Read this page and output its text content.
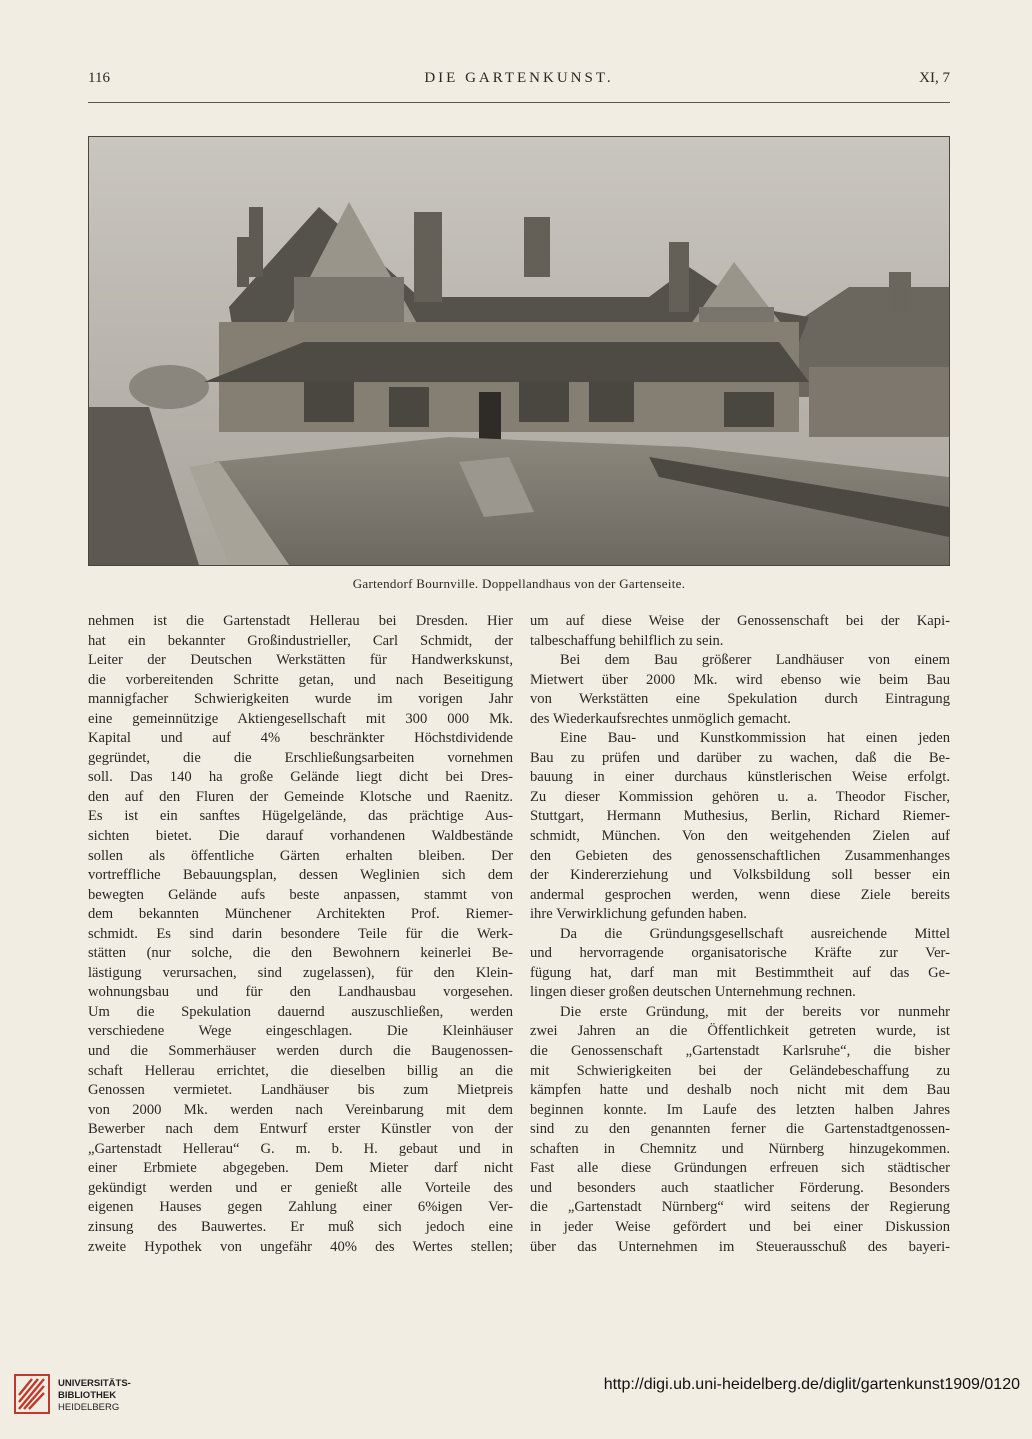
116	DIE GARTENKUNST.	XI, 7
Gartendorf Bournville. Doppellandhaus von der Gartenseite.

nehmen ist die Gartenstadt Hellerau bei Dresden. Hier

hat ein bekannter Großindustrieller, Carl Schmidt, der

Leiter der Deutschen Werkstätten für Handwerkskunst,

die vorbereitenden Schritte getan, und nach Beseitigung

mannigfacher Schwierigkeiten wurde im vorigen Jahr

eine gemeinnützige Aktiengesellschaft mit 300 000 Mk.

Kapital und auf 4% beschränkter Höchstdividende

gegründet, die die Erschließungsarbeiten vornehmen

soll. Das 140 ha große Gelände liegt dicht bei Dres-

den auf den Fluren der Gemeinde Klotsche und Raenitz.

Es ist ein sanftes Hügelgelände, das prächtige Aus-

sichten bietet. Die darauf vorhandenen Waldbestände

sollen als öffentliche Gärten erhalten bleiben. Der

vortreffliche Bebauungsplan, dessen Weglinien sich dem

bewegten Gelände aufs beste anpassen, stammt von

dem bekannten Münchener Architekten Prof. Riemer-

schmidt. Es sind darin besondere Teile für die Werk-

stätten (nur solche, die den Bewohnern keinerlei Be-

lästigung verursachen, sind zugelassen), für den Klein-

wohnungsbau und für den Landhausbau vorgesehen.

Um die Spekulation dauernd auszuschließen, werden

verschiedene Wege eingeschlagen. Die Kleinhäuser

und die Sommerhäuser werden durch die Baugenossen-

schaft Hellerau errichtet, die dieselben billig an die

Genossen vermietet. Landhäuser bis zum Mietpreis

von 2000 Mk. werden nach Vereinbarung mit dem

Bewerber nach dem Entwurf erster Künstler von der

„Gartenstadt Hellerau“ G. m. b. H. gebaut und in

einer Erbmiete abgegeben. Dem Mieter darf nicht

gekündigt werden und er genießt alle Vorteile des

eigenen Hauses gegen Zahlung einer 6%igen Ver-

zinsung des Bauwertes. Er muß sich jedoch eine

zweite Hypothek von ungefähr 40% des Wertes stellen;

um auf diese Weise der Genossenschaft bei der Kapi-

talbeschaffung behilflich zu sein.

Bei dem Bau größerer Landhäuser von einem

Mietwert über 2000 Mk. wird ebenso wie beim Bau

von Werkstätten eine Spekulation durch Eintragung

des Wiederkaufsrechtes unmöglich gemacht.

Eine Bau- und Kunstkommission hat einen jeden

Bau zu prüfen und darüber zu wachen, daß die Be-

bauung in einer durchaus künstlerischen Weise erfolgt.

Zu dieser Kommission gehören u. a. Theodor Fischer,

Stuttgart, Hermann Muthesius, Berlin, Richard Riemer-

schmidt, München. Von den weitgehenden Zielen auf

den Gebieten des genossenschaftlichen Zusammenhanges

der Kindererziehung und Volksbildung soll besser ein

andermal gesprochen werden, wenn diese Ziele bereits

ihre Verwirklichung gefunden haben.

Da die Gründungsgesellschaft ausreichende Mittel

und hervorragende organisatorische Kräfte zur Ver-

fügung hat, darf man mit Bestimmtheit auf das Ge-

lingen dieser großen deutschen Unternehmung rechnen.

Die erste Gründung, mit der bereits vor nunmehr

zwei Jahren an die Öffentlichkeit getreten wurde, ist

die Genossenschaft „Gartenstadt Karlsruhe“, die bisher

mit Schwierigkeiten bei der Geländebeschaffung zu

kämpfen hatte und deshalb noch nicht mit dem Bau

beginnen konnte. Im Laufe des letzten halben Jahres

sind zu den genannten ferner die Gartenstadtgenossen-

schaften in Chemnitz und Nürnberg hinzugekommen.

Fast alle diese Gründungen erfreuen sich städtischer

und besonders auch staatlicher Förderung. Besonders

die „Gartenstadt Nürnberg“ wird seitens der Regierung

in jeder Weise gefördert und bei einer Diskussion

über das Unternehmen im Steuerausschuß des bayeri-

UNIVERSITÄTS-
BIBLIOTHEK
HEIDELBERG
http://digi.ub.uni-heidelberg.de/diglit/gartenkunst1909/0120
